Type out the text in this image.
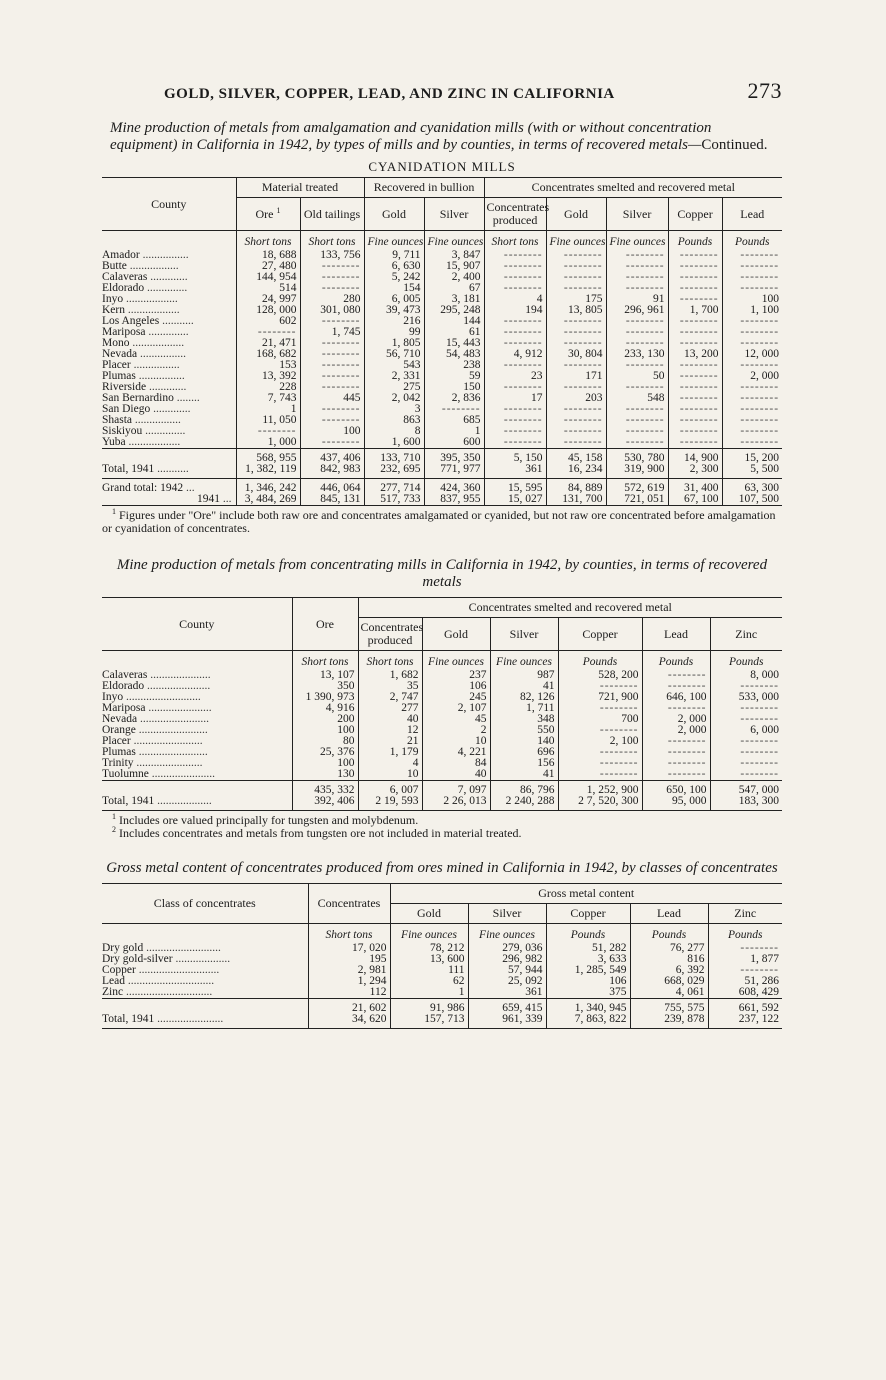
GOLD, SILVER, COPPER, LEAD, AND ZINC IN CALIFORNIA	273
Mine production of metals from amalgamation and cyanidation mills (with or without concentration equipment) in California in 1942, by types of mills and by counties, in terms of recovered metals—Continued.
CYANIDATION MILLS
County	Material treated		Recovered in bullion		Concentrates smelted and recovered metal				
	Ore $^1$	Old tailings	Gold	Silver	Concentrates produced	Gold	Silver	Copper	Lead
	Short tons	Short tons	Fine ounces	Fine ounces	Short tons	Fine ounces	Fine ounces	Pounds	Pounds
Amador ................	18, 688	133, 756	9, 711	3, 847	--------	--------	--------	--------	--------
Butte .................	27, 480	--------	6, 630	15, 907	--------	--------	--------	--------	--------
Calaveras .............	144, 954	--------	5, 242	2, 400	--------	--------	--------	--------	--------
Eldorado ..............	514	--------	154	67	--------	--------	--------	--------	--------
Inyo ..................	24, 997	280	6, 005	3, 181	4	175	91	--------	100
Kern ..................	128, 000	301, 080	39, 473	295, 248	194	13, 805	296, 961	1, 700	1, 100
Los Angeles ...........	602	--------	216	144	--------	--------	--------	--------	--------
Mariposa ..............	--------	1, 745	99	61	--------	--------	--------	--------	--------
Mono ..................	21, 471	--------	1, 805	15, 443	--------	--------	--------	--------	--------
Nevada ................	168, 682	--------	56, 710	54, 483	4, 912	30, 804	233, 130	13, 200	12, 000
Placer ................	153	--------	543	238	--------	--------	--------	--------	--------
Plumas ................	13, 392	--------	2, 331	59	23	171	50	--------	2, 000
Riverside .............	228	--------	275	150	--------	--------	--------	--------	--------
San Bernardino ........	7, 743	445	2, 042	2, 836	17	203	548	--------	--------
San Diego .............	1	--------	3	--------	--------	--------	--------	--------	--------
Shasta ................	11, 050	--------	863	685	--------	--------	--------	--------	--------
Siskiyou ..............	--------	100	8	1	--------	--------	--------	--------	--------
Yuba ..................	1, 000	--------	1, 600	600	--------	--------	--------	--------	--------
	568, 955	437, 406	133, 710	395, 350	5, 150	45, 158	530, 780	14, 900	15, 200
Total, 1941 ...........	1, 382, 119	842, 983	232, 695	771, 977	361	16, 234	319, 900	2, 300	5, 500
Grand total: 1942 ...	1, 346, 242	446, 064	277, 714	424, 360	15, 595	84, 889	572, 619	31, 400	63, 300
1941 ...	3, 484, 269	845, 131	517, 733	837, 955	15, 027	131, 700	721, 051	67, 100	107, 500

$^1$ Figures under "Ore" include both raw ore and concentrates amalgamated or cyanided, but not raw ore concentrated before amalgamation or cyanidation of concentrates.

Mine production of metals from concentrating mills in California in 1942, by counties, in terms of recovered metals
County	Ore	Concentrates smelted and recovered metal					
		Concentrates produced	Gold	Silver	Copper	Lead	Zinc
	Short tons	Short tons	Fine ounces	Fine ounces	Pounds	Pounds	Pounds
Calaveras .....................	13, 107	1, 682	237	987	528, 200	--------	8, 000
Eldorado ......................	350	35	106	41	--------	--------	--------
Inyo ..........................	1 390, 973	2, 747	245	82, 126	721, 900	646, 100	533, 000
Mariposa ......................	4, 916	277	2, 107	1, 711	--------	--------	--------
Nevada ........................	200	40	45	348	700	2, 000	--------
Orange ........................	100	12	2	550	--------	2, 000	6, 000
Placer ........................	80	21	10	140	2, 100	--------	--------
Plumas ........................	25, 376	1, 179	4, 221	696	--------	--------	--------
Trinity .......................	100	4	84	156	--------	--------	--------
Tuolumne ......................	130	10	40	41	--------	--------	--------
	435, 332	6, 007	7, 097	86, 796	1, 252, 900	650, 100	547, 000
Total, 1941 ...................	392, 406	2 19, 593	2 26, 013	2 240, 288	2 7, 520, 300	95, 000	183, 300

$^1$ Includes ore valued principally for tungsten and molybdenum.

$^2$ Includes concentrates and metals from tungsten ore not included in material treated.

Gross metal content of concentrates produced from ores mined in California in 1942, by classes of concentrates
Class of concentrates	Concentrates	Gross metal content				
		Gold	Silver	Copper	Lead	Zinc
	Short tons	Fine ounces	Fine ounces	Pounds	Pounds	Pounds
Dry gold ..........................	17, 020	78, 212	279, 036	51, 282	76, 277	--------
Dry gold-silver ...................	195	13, 600	296, 982	3, 633	816	1, 877
Copper ............................	2, 981	111	57, 944	1, 285, 549	6, 392	--------
Lead ..............................	1, 294	62	25, 092	106	668, 029	51, 286
Zinc ..............................	112	1	361	375	4, 061	608, 429
	21, 602	91, 986	659, 415	1, 340, 945	755, 575	661, 592
Total, 1941 .......................	34, 620	157, 713	961, 339	7, 863, 822	239, 878	237, 122
